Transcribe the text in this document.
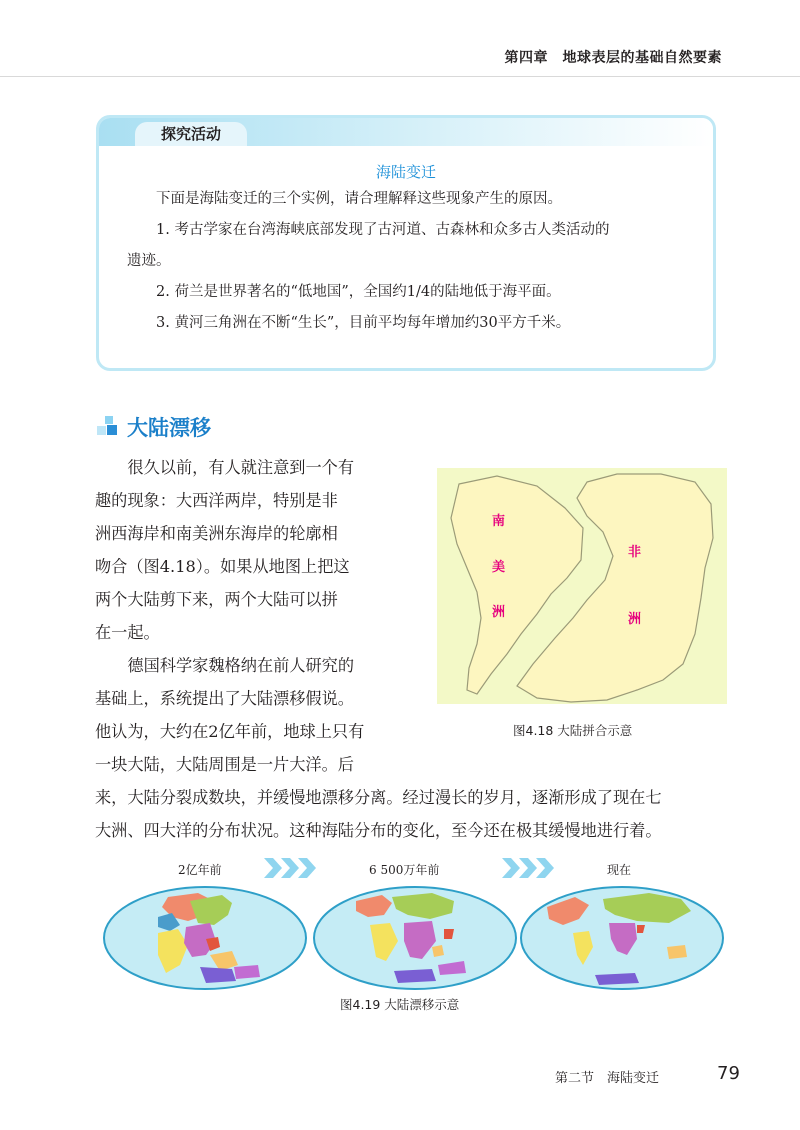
第四章　地球表层的基础自然要素
探究活动
海陆变迁

下面是海陆变迁的三个实例，请合理解释这些现象产生的原因。

1. 考古学家在台湾海峡底部发现了古河道、古森林和众多古人类活动的

遗迹。

2. 荷兰是世界著名的“低地国”，全国约1/4的陆地低于海平面。

3. 黄河三角洲在不断“生长”，目前平均每年增加约30平方千米。

大陆漂移

很久以前，有人就注意到一个有

趣的现象：大西洋两岸，特别是非

洲西海岸和南美洲东海岸的轮廓相

吻合（图4.18）。如果从地图上把这

两个大陆剪下来，两个大陆可以拼

在一起。

德国科学家魏格纳在前人研究的

基础上，系统提出了大陆漂移假说。

他认为，大约在2亿年前，地球上只有

一块大陆，大陆周围是一片大洋。后

来，大陆分裂成数块，并缓慢地漂移分离。经过漫长的岁月，逐渐形成了现在七

大洲、四大洋的分布状况。这种海陆分布的变化，至今还在极其缓慢地进行着。

南
美
洲
非
洲
图4.18 大陆拼合示意
2亿年前	6 500万年前	现在
图4.19 大陆漂移示意
第二节　海陆变迁	79
